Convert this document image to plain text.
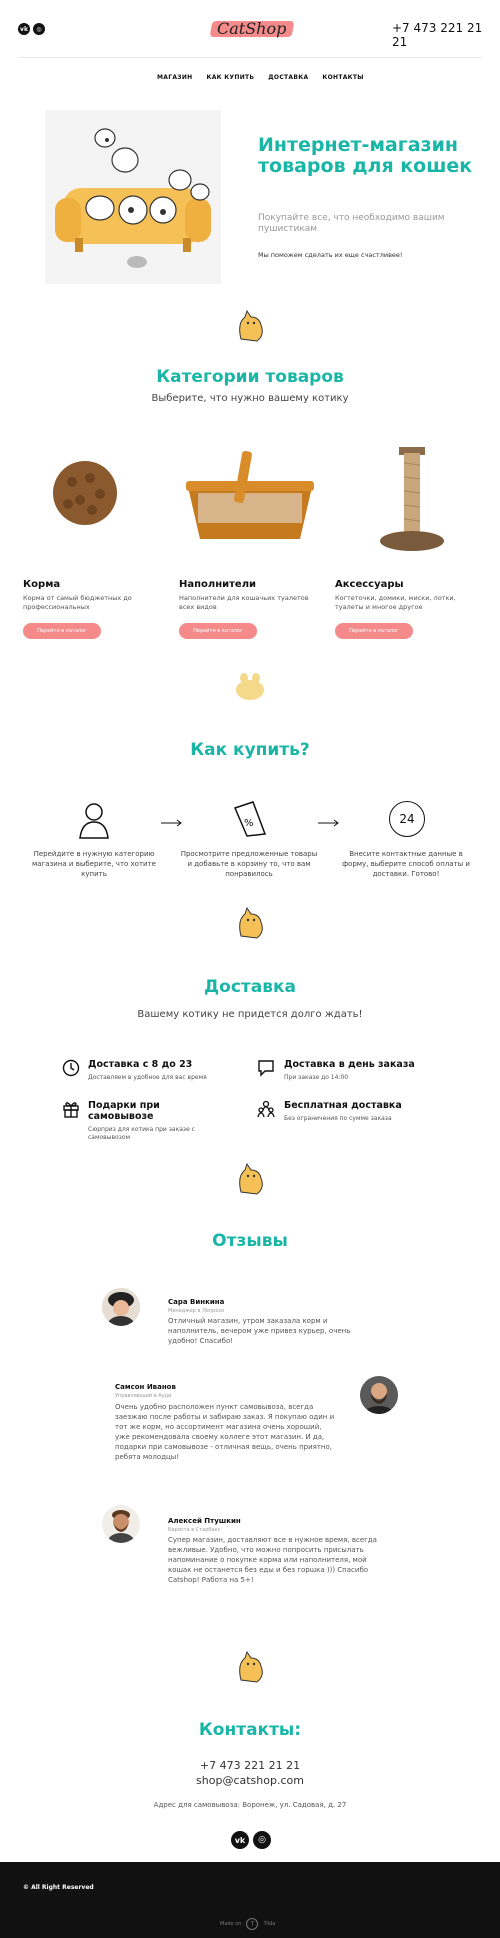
vk ◎	CatShop	+7 473 221 21 21
МАГАЗИН КАК КУПИТЬ ДОСТАВКА КОНТАКТЫ
Интернет-магазин товаров для кошек
Покупайте все, что необходимо вашим пушистикам
Мы поможем сделать их еще счастливее!
Категории товаров
Выберите, что нужно вашему котику
Корма
Корма от самый бюджетных до профессиональных
Перейти в каталог
Наполнители
Наполнители для кошачьих туалетов всех видов
Перейти в каталог
Аксессуары
Когтеточки, домики, миски, лотки, туалеты и многое другое
Перейти в каталог
Как купить?
%	24
Перейдите в нужную категорию магазина и выберите, что хотите купить
Просмотрите предложенные товары и добавьте в корзину то, что вам понравилось
Внесите контактные данные в форму, выберите способ оплаты и доставки. Готово!
Доставка
Вашему котику не придется долго ждать!
Доставка с 8 до 23
Доставляем в удобное для вас время
Доставка в день заказа
При заказе до 14:00
Подарки при самовывозе
Сюрприз для котика при заказе с самовывозом
Бесплатная доставка
Без ограничения по сумме заказа
Отзывы
Сара Винкина
Менеджер в Лепрозо
Отличный магазин, утром заказала корм и наполнитель, вечером уже привез курьер, очень удобно! Спасибо!
Самсон Иванов
Управляющий в Ауди
Очень удобно расположен пункт самовывоза, всегда заезжаю после работы и забираю заказ. Я покупаю один и тот же корм, но ассортимент магазина очень хороший, уже рекомендовала своему коллеге этот магазин. И да, подарки при самовывозе - отличная вещь, очень приятно, ребята молодцы!
Алексей Птушкин
Бариста в Старбакс
Супер магазин, доставляют все в нужное время, всегда вежливые. Удобно, что можно попросить присылать напоминание о покупке корма или наполнителя, мой кошак не останется без еды и без горшка ))) Спасибо Catshop! Работа на 5+!
Контакты:
+7 473 221 21 21
shop@catshop.com
Адрес для самовывоза: Воронеж, ул. Садовая, д. 27
vk ◎
© All Right Reserved
Made on	T	Tilda
